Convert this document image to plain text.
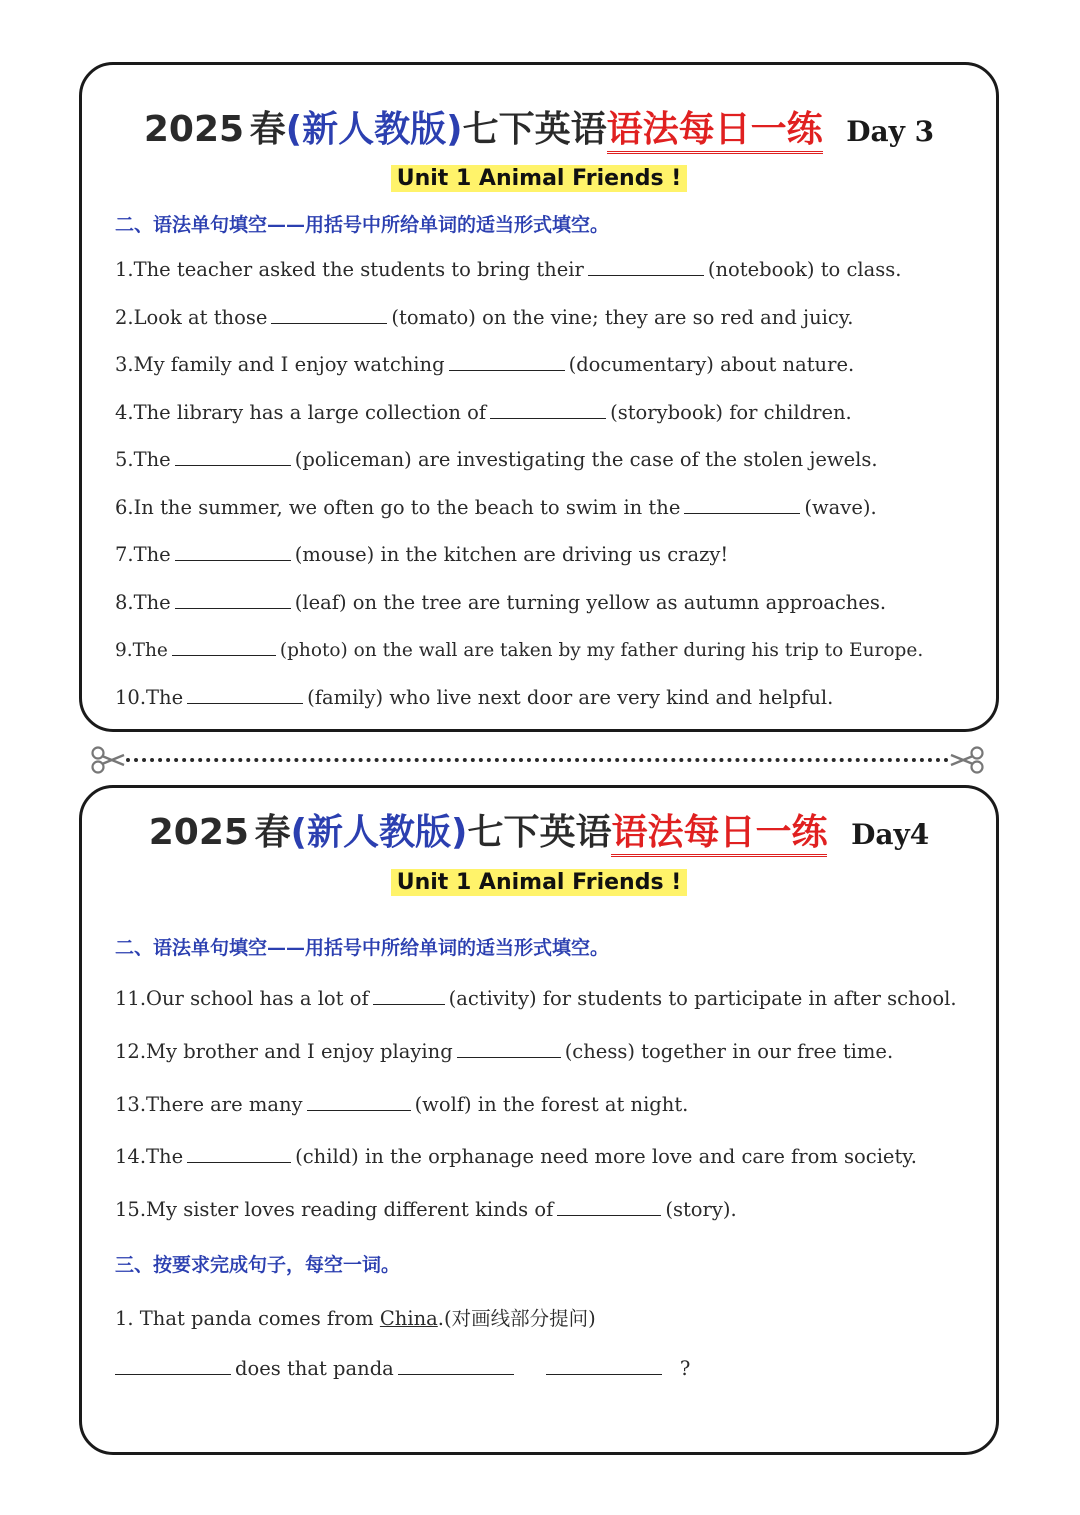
2025 春(新人教版)七下英语语法每日一练 Day 3
Unit 1 Animal Friends !
二、语法单句填空——用括号中所给单词的适当形式填空。
1.The teacher asked the students to bring their	(notebook) to class.
2.Look at those	(tomato) on the vine; they are so red and juicy.
3.My family and I enjoy watching	(documentary) about nature.
4.The library has a large collection of	(storybook) for children.
5.The	(policeman) are investigating the case of the stolen jewels.
6.In the summer, we often go to the beach to swim in the	(wave).
7.The	(mouse) in the kitchen are driving us crazy!
8.The	(leaf) on the tree are turning yellow as autumn approaches.
9.The	(photo) on the wall are taken by my father during his trip to Europe.
10.The	(family) who live next door are very kind and helpful.
2025 春(新人教版)七下英语语法每日一练 Day4
Unit 1 Animal Friends !
二、语法单句填空——用括号中所给单词的适当形式填空。
11.Our school has a lot of	(activity) for students to participate in after school.
12.My brother and I enjoy playing	(chess) together in our free time.
13.There are many	(wolf) in the forest at night.
14.The	(child) in the orphanage need more love and care from society.
15.My sister loves reading different kinds of	(story).
三、按要求完成句子，每空一词。
1. That panda comes from China.(对画线部分提问)
does that panda	?
